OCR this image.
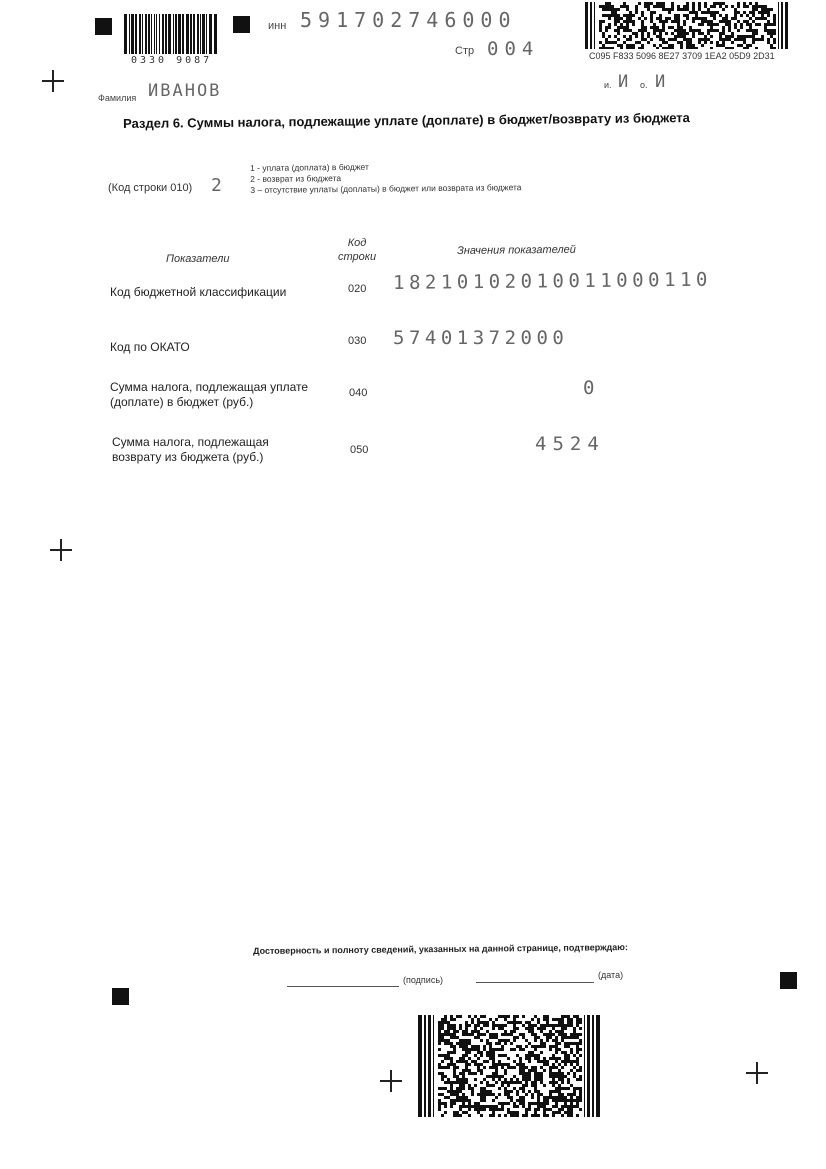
0330 9087
инн 591702746000
Стр 004	C095 F833 5096 8E27 3709 1EA2 05D9 2D31
Фамилия ИВАНОВ	и. И о. И
Раздел 6. Суммы налога, подлежащие уплате (доплате) в бюджет/возврату из бюджета
(Код строки 010) 2
1 - уплата (доплата) в бюджет
2 - возврат из бюджета
3 – отсутствие уплаты (доплаты) в бюджет или возврата из бюджета
Показатели
Код
строки
Значения показателей
Код бюджетной классификации	020 18210102010011000110
Код по ОКАТО	030 57401372000
Сумма налога, подлежащая уплате
(доплате) в бюджет (руб.)
040	0
Сумма налога, подлежащая
возврату из бюджета (руб.)	050	4524
Достоверность и полноту сведений, указанных на данной странице, подтверждаю:
(подпись)	(дата)
